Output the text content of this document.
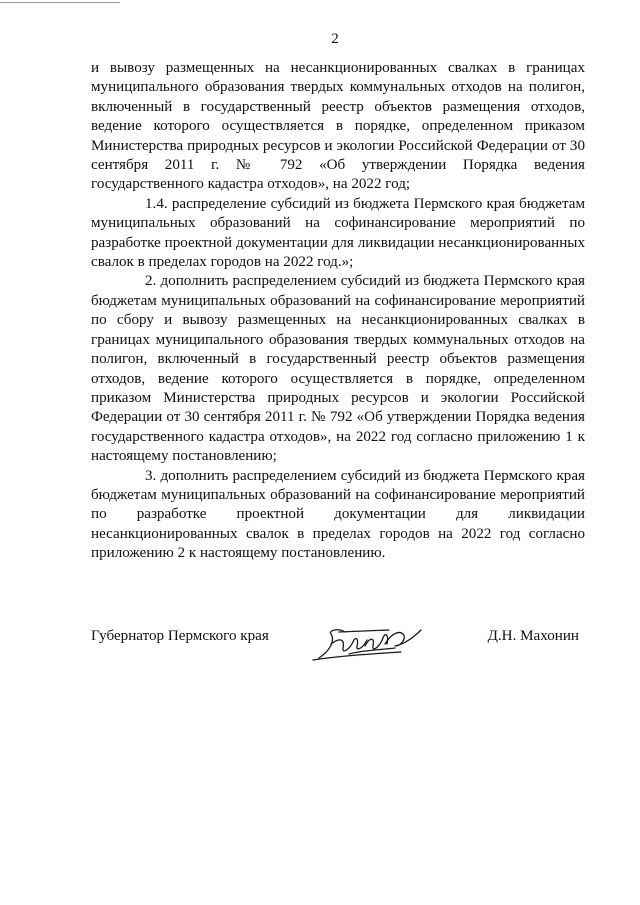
2

и вывозу размещенных на несанкционированных свалках в границах муниципального образования твердых коммунальных отходов на полигон, включенный в государственный реестр объектов размещения отходов, ведение которого осуществляется в порядке, определенном приказом Министерства природных ресурсов и экологии Российской Федерации от 30 сентября 2011 г. № 792 «Об утверждении Порядка ведения государственного кадастра отходов», на 2022 год;

1.4. распределение субсидий из бюджета Пермского края бюджетам муниципальных образований на софинансирование мероприятий по разработке проектной документации для ликвидации несанкционированных свалок в пределах городов на 2022 год.»;

2. дополнить распределением субсидий из бюджета Пермского края бюджетам муниципальных образований на софинансирование мероприятий по сбору и вывозу размещенных на несанкционированных свалках в границах муниципального образования твердых коммунальных отходов на полигон, включенный в государственный реестр объектов размещения отходов, ведение которого осуществляется в порядке, определенном приказом Министерства природных ресурсов и экологии Российской Федерации от 30 сентября 2011 г. № 792 «Об утверждении Порядка ведения государственного кадастра отходов», на 2022 год согласно приложению 1 к настоящему постановлению;

3. дополнить распределением субсидий из бюджета Пермского края бюджетам муниципальных образований на софинансирование мероприятий по разработке проектной документации для ликвидации несанкционированных свалок в пределах городов на 2022 год согласно приложению 2 к настоящему постановлению.

Губернатор Пермского края	Д.Н. Махонин
